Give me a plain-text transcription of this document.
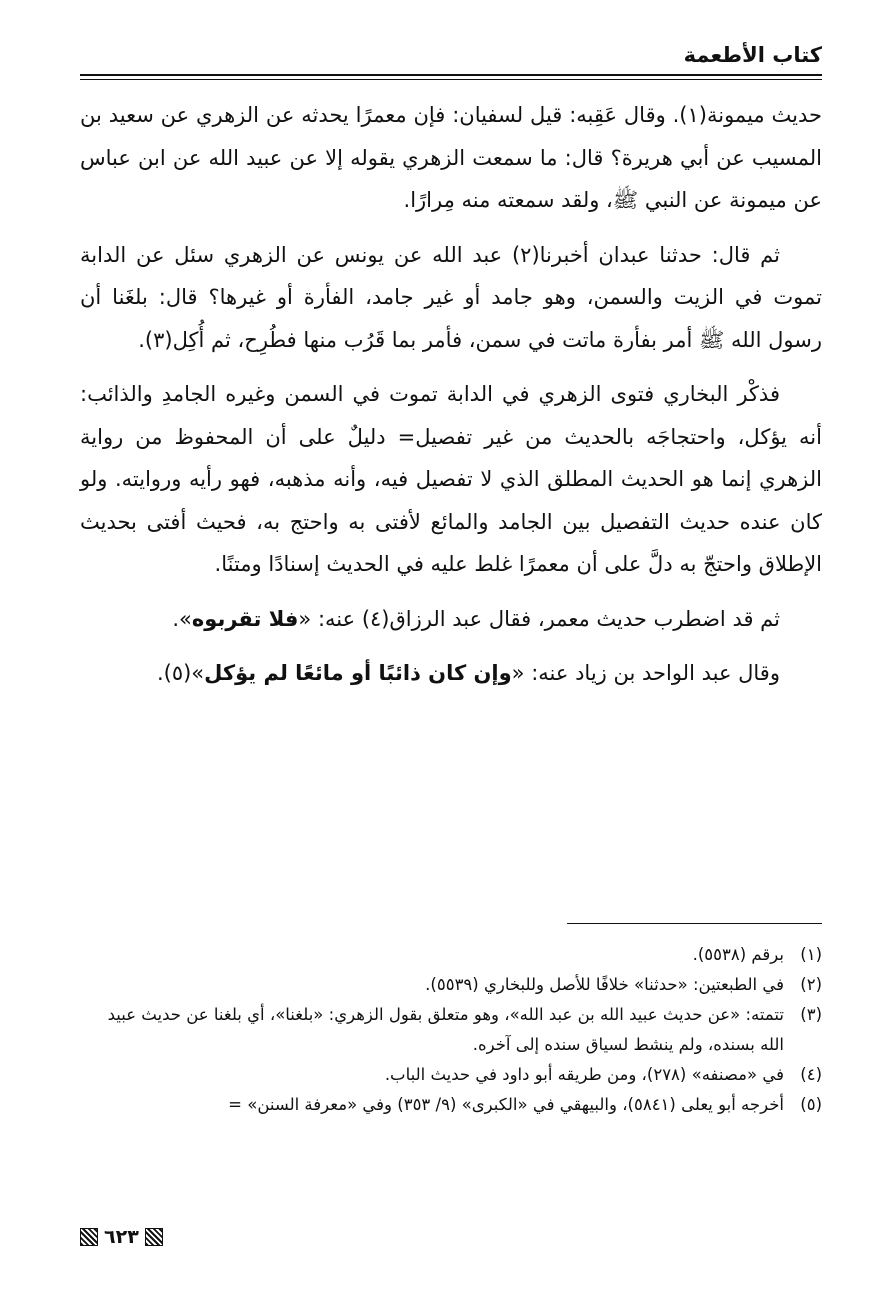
كتاب الأطعمة

حديث ميمونة(١). وقال عَقِبه: قيل لسفيان: فإن معمرًا يحدثه عن الزهري عن سعيد بن المسيب عن أبي هريرة؟ قال: ما سمعت الزهري يقوله إلا عن عبيد الله عن ابن عباس عن ميمونة عن النبي ﷺ، ولقد سمعته منه مِرارًا.

ثم قال: حدثنا عبدان أخبرنا(٢) عبد الله عن يونس عن الزهري سئل عن الدابة تموت في الزيت والسمن، وهو جامد أو غير جامد، الفأرة أو غيرها؟ قال: بلغَنا أن رسول الله ﷺ أمر بفأرة ماتت في سمن، فأمر بما قَرُب منها فطُرِح، ثم أُكِل(٣).

فذكْر البخاري فتوى الزهري في الدابة تموت في السمن وغيره الجامدِ والذائب: أنه يؤكل، واحتجاجَه بالحديث من غير تفصيل= دليلٌ على أن المحفوظ من رواية الزهري إنما هو الحديث المطلق الذي لا تفصيل فيه، وأنه مذهبه، فهو رأيه وروايته. ولو كان عنده حديث التفصيل بين الجامد والمائع لأفتى به واحتج به، فحيث أفتى بحديث الإطلاق واحتجّ به دلَّ على أن معمرًا غلط عليه في الحديث إسنادًا ومتنًا.

ثم قد اضطرب حديث معمر، فقال عبد الرزاق(٤) عنه: «فلا تقربوه».

وقال عبد الواحد بن زياد عنه: «وإن كان ذائبًا أو مائعًا لم يؤكل»(٥).

(١)
برقم (٥٥٣٨).
(٢)
في الطبعتين: «حدثنا» خلافًا للأصل وللبخاري (٥٥٣٩).
(٣)
تتمته: «عن حديث عبيد الله بن عبد الله»، وهو متعلق بقول الزهري: «بلغنا»، أي بلغنا عن حديث عبيد الله بسنده، ولم ينشط لسياق سنده إلى آخره.
(٤)
في «مصنفه» (٢٧٨)، ومن طريقه أبو داود في حديث الباب.
(٥)
أخرجه أبو يعلى (٥٨٤١)، والبيهقي في «الكبرى» (٩/ ٣٥٣) وفي «معرفة السنن» =
٦٢٣
